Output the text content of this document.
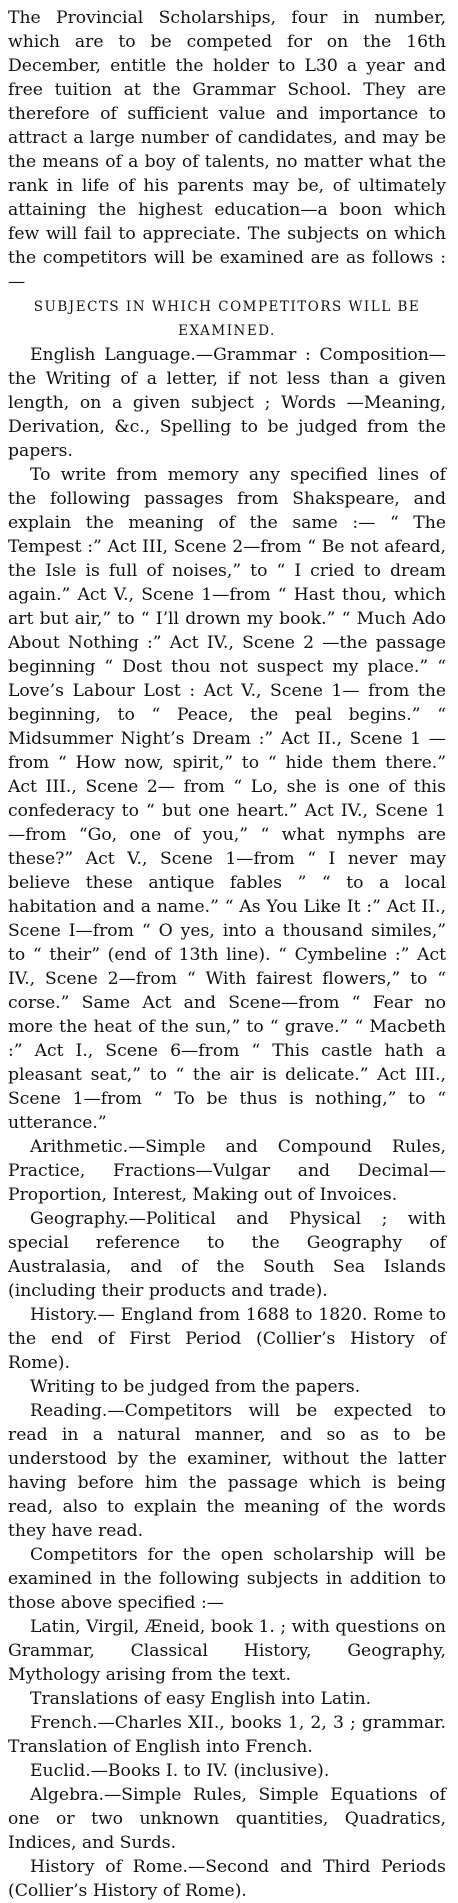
The Provincial Scholarships, four in number, which are to be competed for on the 16th December, entitle the holder to L30 a year and free tuition at the Grammar School. They are therefore of sufficient value and importance to attract a large number of candidates, and may be the means of a boy of talents, no matter what the rank in life of his parents may be, of ultimately attaining the highest education—a boon which few will fail to appreciate. The subjects on which the competitors will be examined are as follows :—

SUBJECTS IN WHICH COMPETITORS WILL BE EXAMINED.

English Language.—Grammar : Composition—the Writing of a letter, if not less than a given length, on a given subject ; Words —Meaning, Derivation, &c., Spelling to be judged from the papers.

To write from memory any specified lines of the following passages from Shakspeare, and explain the meaning of the same :— “ The Tempest :” Act III, Scene 2—from “ Be not afeard, the Isle is full of noises,” to “ I cried to dream again.” Act V., Scene 1—from “ Hast thou, which art but air,” to “ I’ll drown my book.” “ Much Ado About Nothing :” Act IV., Scene 2 —the passage beginning “ Dost thou not suspect my place.” “ Love’s Labour Lost : Act V., Scene 1— from the beginning, to “ Peace, the peal begins.” “ Midsummer Night’s Dream :” Act II., Scene 1 —from “ How now, spirit,” to “ hide them there.” Act III., Scene 2— from “ Lo, she is one of this confederacy to “ but one heart.” Act IV., Scene 1—from “Go, one of you,” “ what nymphs are these?” Act V., Scene 1—from “ I never may believe these antique fables ” “ to a local habitation and a name.” “ As You Like It :” Act II., Scene I—from “ O yes, into a thousand similes,” to “ their” (end of 13th line). “ Cymbeline :” Act IV., Scene 2—from “ With fairest flowers,” to “ corse.” Same Act and Scene—from “ Fear no more the heat of the sun,” to “ grave.” “ Macbeth :” Act I., Scene 6—from “ This castle hath a pleasant seat,” to “ the air is delicate.” Act III., Scene 1—from “ To be thus is nothing,” to “ utterance.”

Arithmetic.—Simple and Compound Rules, Practice, Fractions—Vulgar and Decimal— Proportion, Interest, Making out of Invoices.

Geography.—Political and Physical ; with special reference to the Geography of Australasia, and of the South Sea Islands (including their products and trade).

History.— England from 1688 to 1820. Rome to the end of First Period (Collier’s History of Rome).

Writing to be judged from the papers.

Reading.—Competitors will be expected to read in a natural manner, and so as to be understood by the examiner, without the latter having before him the passage which is being read, also to explain the meaning of the words they have read.

Competitors for the open scholarship will be examined in the following subjects in addition to those above specified :—

Latin, Virgil, Æneid, book 1. ; with questions on Grammar, Classical History, Geography, Mythology arising from the text.

Translations of easy English into Latin.

French.—Charles XII., books 1, 2, 3 ; grammar. Translation of English into French.

Euclid.—Books I. to IV. (inclusive).

Algebra.—Simple Rules, Simple Equations of one or two unknown quantities, Quadratics, Indices, and Surds.

History of Rome.—Second and Third Periods (Collier’s History of Rome).
